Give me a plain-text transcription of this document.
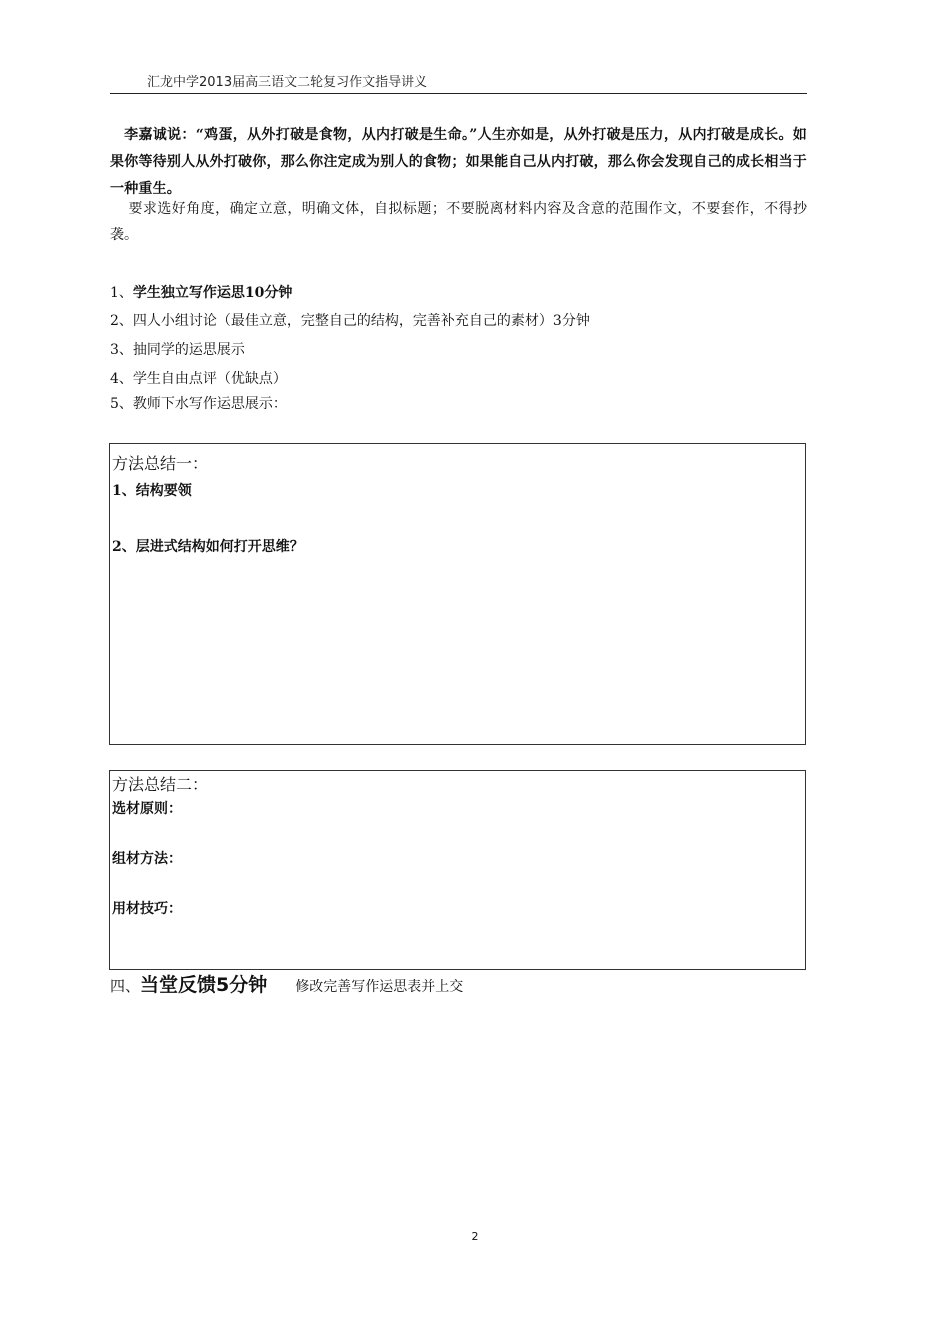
汇龙中学2013届高三语文二轮复习作文指导讲义
李嘉诚说：“鸡蛋，从外打破是食物，从内打破是生命。”人生亦如是，从外打破是压力，从内打破是成长。如果你等待别人从外打破你，那么你注定成为别人的食物；如果能自己从内打破，那么你会发现自己的成长相当于一种重生。
要求选好角度，确定立意，明确文体，自拟标题；不要脱离材料内容及含意的范围作文，不要套作，不得抄袭。
1、学生独立写作运思10分钟
2、四人小组讨论（最佳立意，完整自己的结构，完善补充自己的素材）3分钟
3、抽同学的运思展示
4、学生自由点评（优缺点）
5、教师下水写作运思展示：
方法总结一：
1、结构要领
2、层进式结构如何打开思维？
方法总结二：
选材原则：
组材方法：
用材技巧：
四、当堂反馈5分钟 修改完善写作运思表并上交
2
